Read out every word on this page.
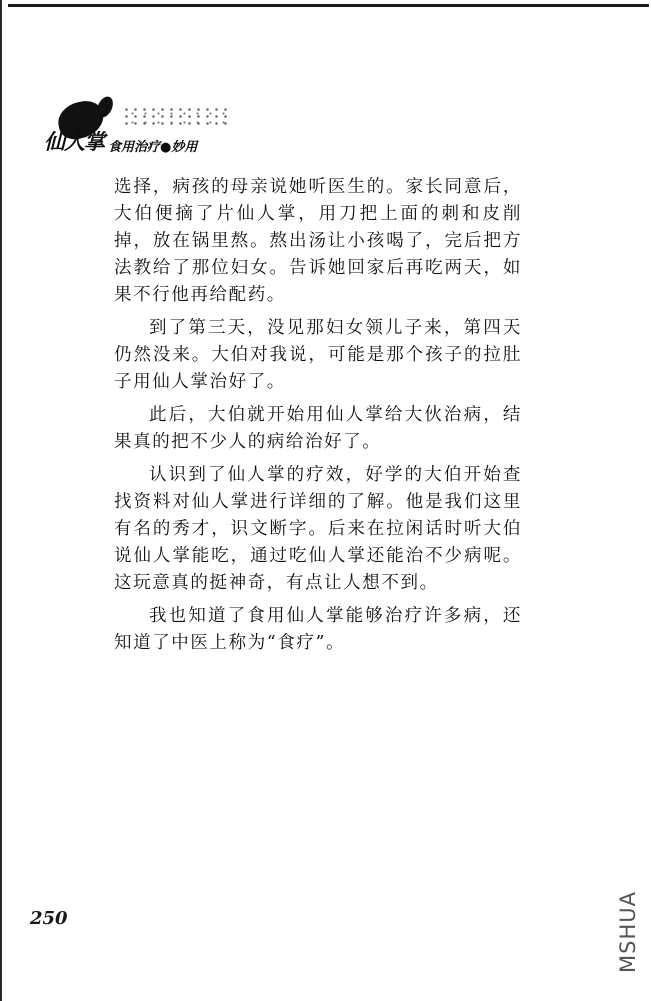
仙人掌 食用治疗●妙用

选择，病孩的母亲说她听医生的。家长同意后，大伯便摘了片仙人掌，用刀把上面的刺和皮削掉，放在锅里熬。熬出汤让小孩喝了，完后把方法教给了那位妇女。告诉她回家后再吃两天，如果不行他再给配药。

到了第三天，没见那妇女领儿子来，第四天仍然没来。大伯对我说，可能是那个孩子的拉肚子用仙人掌治好了。

此后，大伯就开始用仙人掌给大伙治病，结果真的把不少人的病给治好了。

认识到了仙人掌的疗效，好学的大伯开始查找资料对仙人掌进行详细的了解。他是我们这里有名的秀才，识文断字。后来在拉闲话时听大伯说仙人掌能吃，通过吃仙人掌还能治不少病呢。这玩意真的挺神奇，有点让人想不到。

我也知道了食用仙人掌能够治疗许多病，还知道了中医上称为“食疗”。

250	MSHUA
